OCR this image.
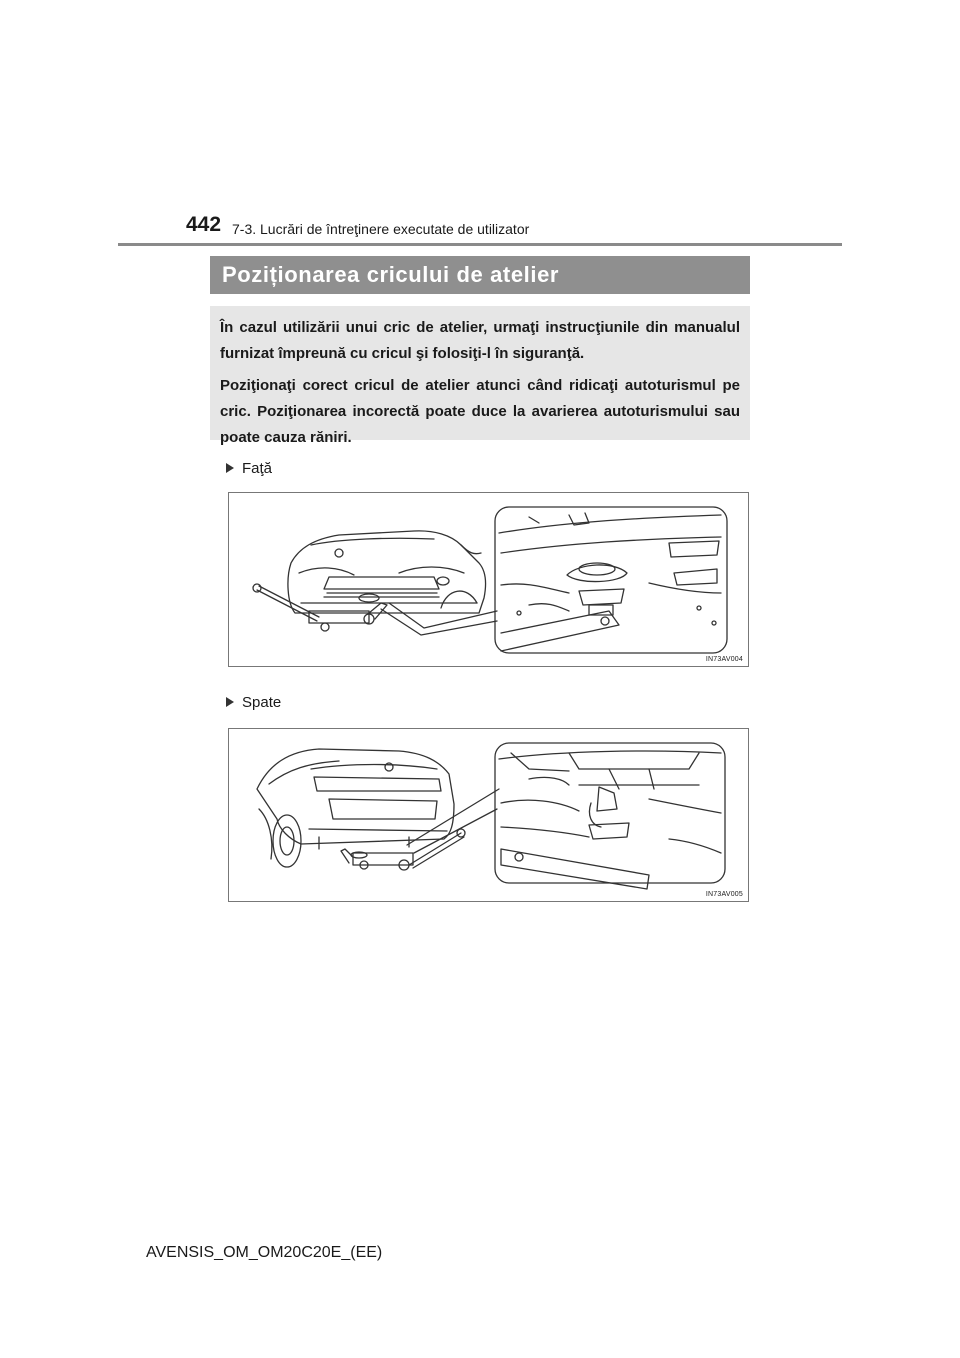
442 7-3. Lucrări de întreţinere executate de utilizator
Poziționarea cricului de atelier

În cazul utilizării unui cric de atelier, urmaţi instrucţiunile din manualul furnizat împreună cu cricul şi folosiţi-l în siguranţă.

Poziţionaţi corect cricul de atelier atunci când ridicaţi autoturismul pe cric. Poziţionarea incorectă poate duce la avarierea autoturismului sau poate cauza răniri.

Faţă
IN73AV004
Spate
IN73AV005
AVENSIS_OM_OM20C20E_(EE)
